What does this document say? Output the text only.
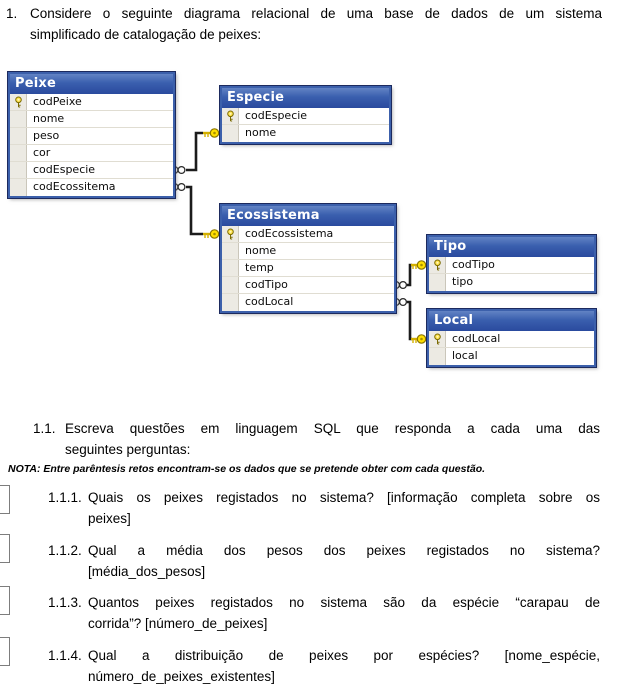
1. Considere o seguinte diagrama relacional de uma base de dados de um sistema
simplificado de catalogação de peixes:
Peixe
codPeixe
nome
peso
cor
codEspecie
codEcossitema
Especie
codEspecie
nome
Ecossistema
codEcossistema
nome
temp
codTipo
codLocal
Tipo
codTipo
tipo
Local
codLocal
local
1.1. Escreva questões em linguagem SQL que responda a cada uma das
seguintes perguntas:
NOTA: Entre parêntesis retos encontram-se os dados que se pretende obter com cada questão.
1.1.1. Quais os peixes registados no sistema? [informação completa sobre os
peixes]
1.1.2. Qual a média dos pesos dos peixes registados no sistema?
[média_dos_pesos]
1.1.3. Quantos peixes registados no sistema são da espécie “carapau de
corrida”? [número_de_peixes]
1.1.4. Qual a distribuição de peixes por espécies? [nome_espécie,
número_de_peixes_existentes]
